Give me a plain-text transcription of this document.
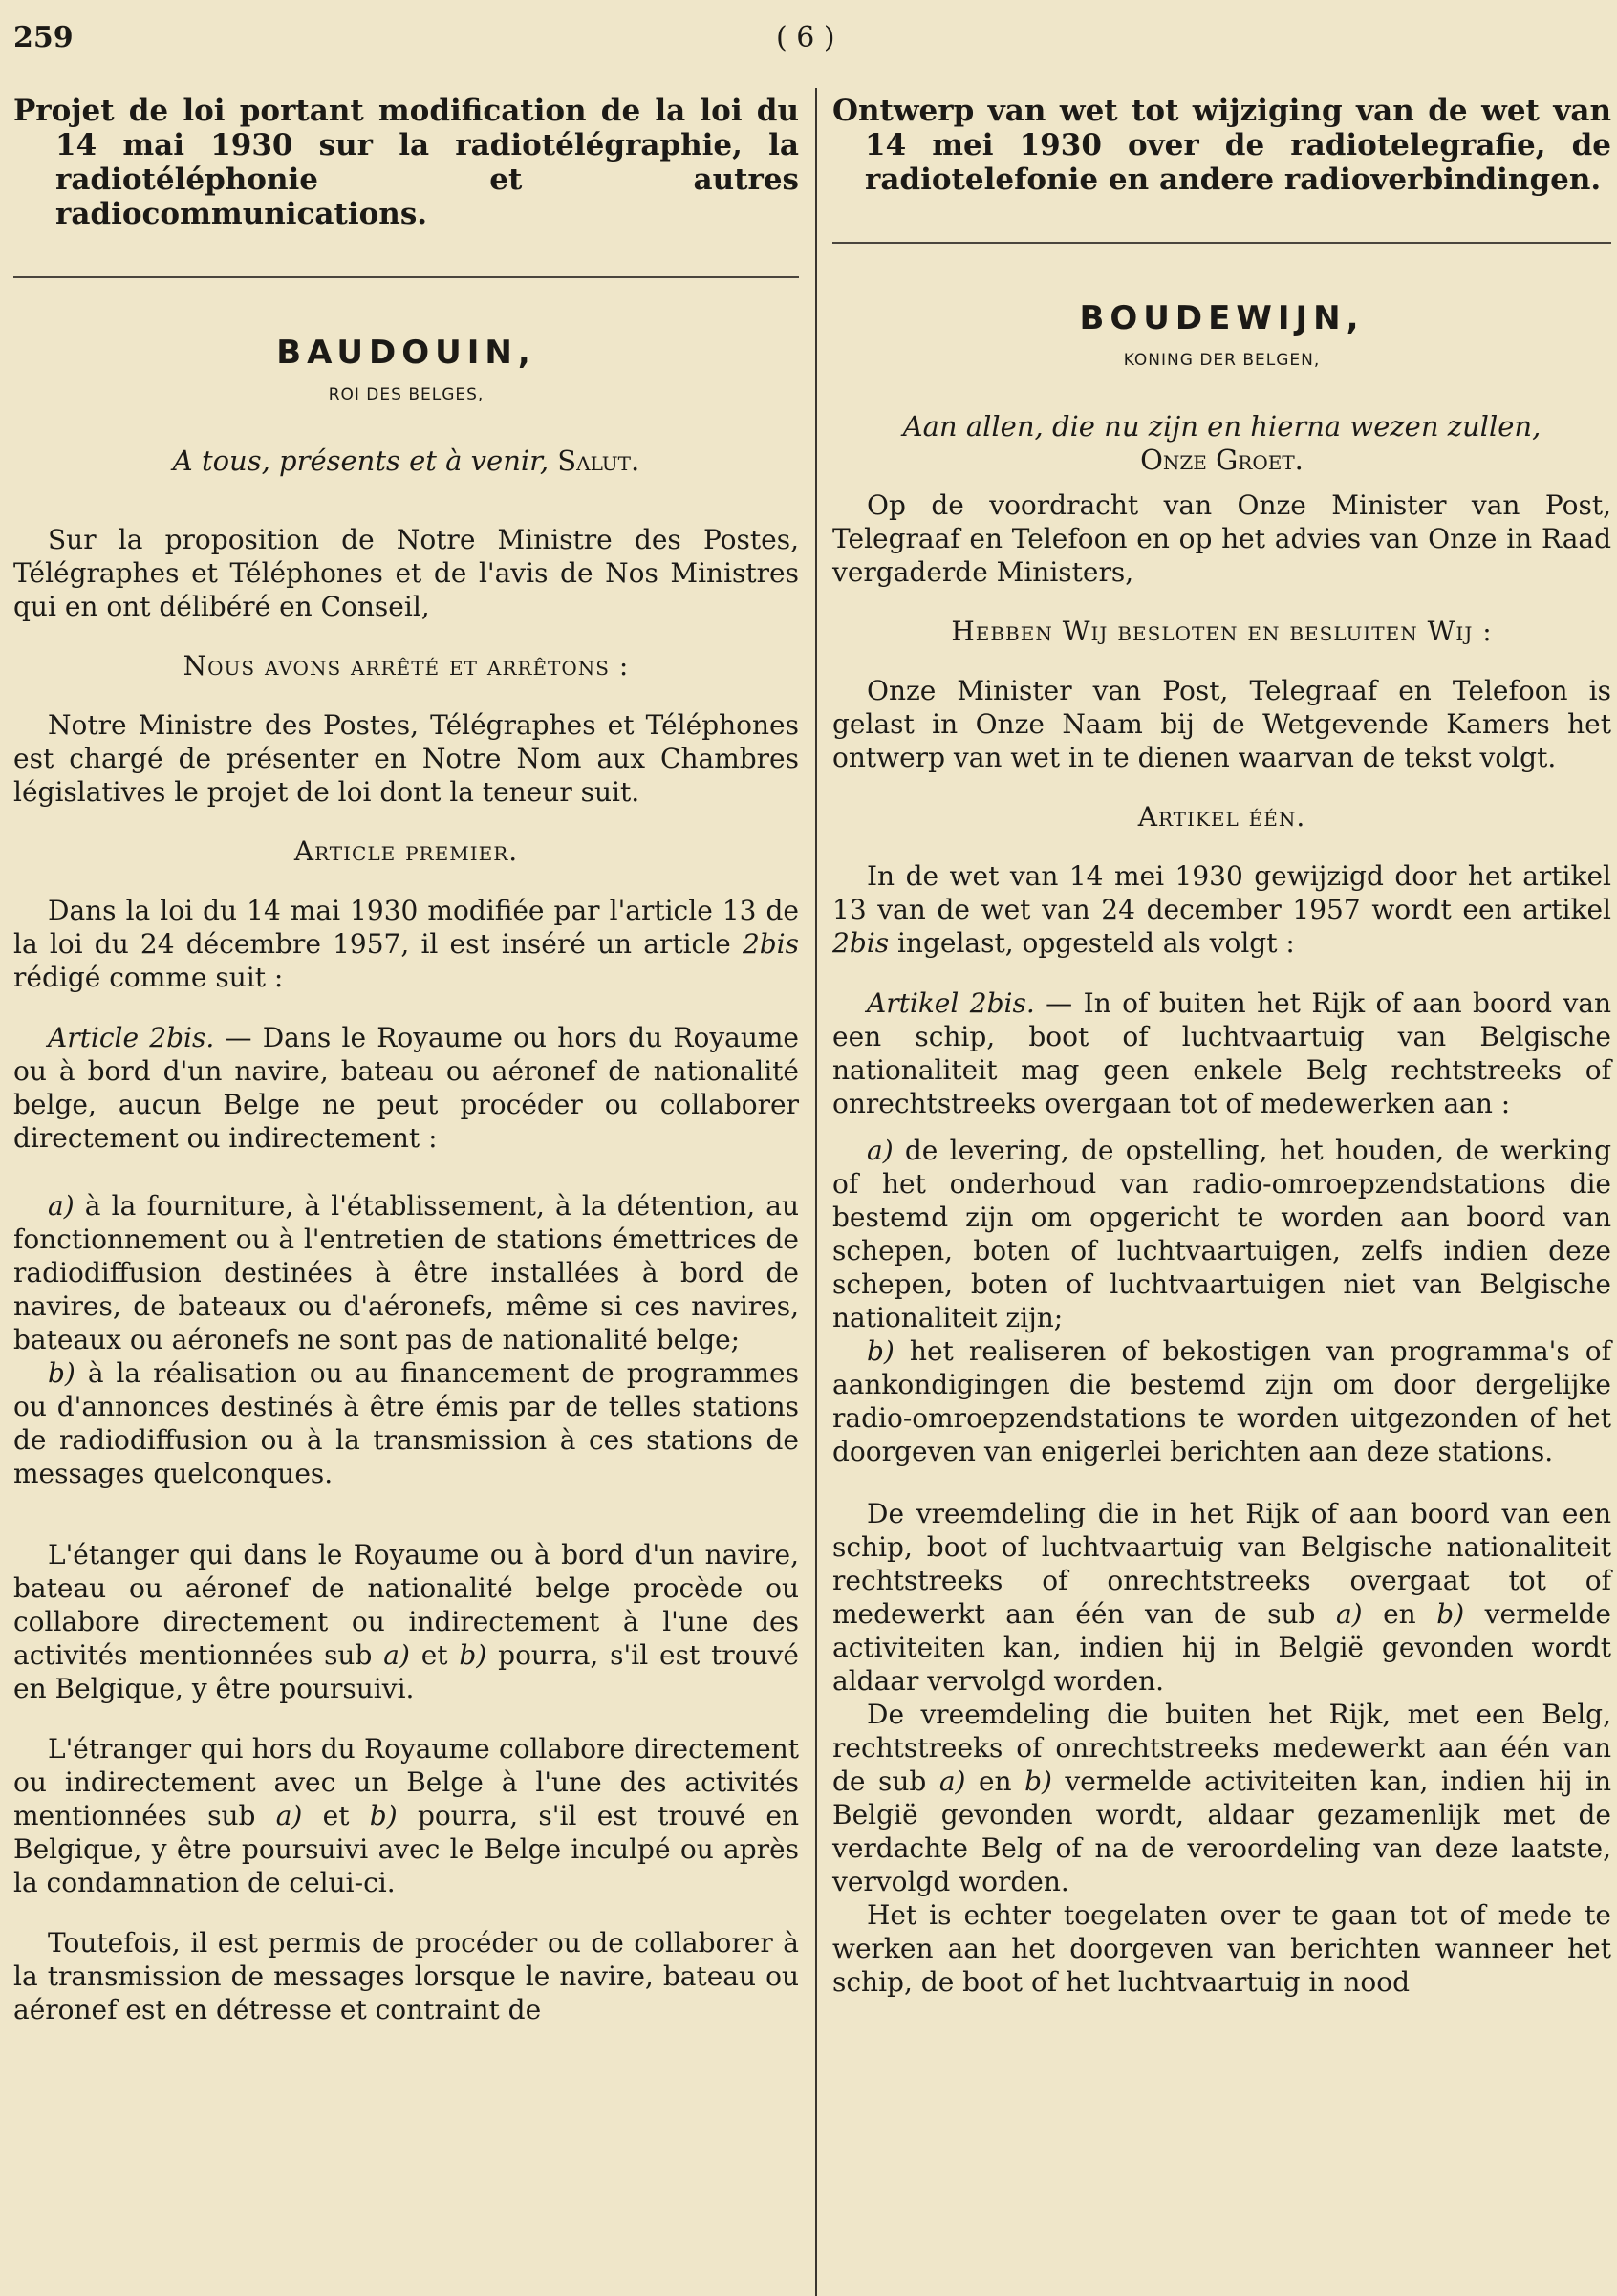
259	( 6 )

Projet de loi portant modification de la loi du 14 mai 1930 sur la radiotélégraphie, la radiotéléphonie et autres radiocommunications.

BAUDOUIN,

ROI DES BELGES,

A tous, présents et à venir, Salut.

Sur la proposition de Notre Ministre des Postes, Télégraphes et Téléphones et de l'avis de Nos Ministres qui en ont délibéré en Conseil,

Nous avons arrêté et arrêtons :

Notre Ministre des Postes, Télégraphes et Téléphones est chargé de présenter en Notre Nom aux Chambres législatives le projet de loi dont la teneur suit.

Article premier.

Dans la loi du 14 mai 1930 modifiée par l'article 13 de la loi du 24 décembre 1957, il est inséré un article 2bis rédigé comme suit :

Article 2bis. — Dans le Royaume ou hors du Royaume ou à bord d'un navire, bateau ou aéronef de nationalité belge, aucun Belge ne peut procéder ou collaborer directement ou indirectement :

a) à la fourniture, à l'établissement, à la détention, au fonctionnement ou à l'entretien de stations émettrices de radiodiffusion destinées à être installées à bord de navires, de bateaux ou d'aéronefs, même si ces navires, bateaux ou aéronefs ne sont pas de nationalité belge;

b) à la réalisation ou au financement de programmes ou d'annonces destinés à être émis par de telles stations de radiodiffusion ou à la transmission à ces stations de messages quelconques.

L'étanger qui dans le Royaume ou à bord d'un navire, bateau ou aéronef de nationalité belge procède ou collabore directement ou indirectement à l'une des activités mentionnées sub a) et b) pourra, s'il est trouvé en Belgique, y être poursuivi.

L'étranger qui hors du Royaume collabore directement ou indirectement avec un Belge à l'une des activités mentionnées sub a) et b) pourra, s'il est trouvé en Belgique, y être poursuivi avec le Belge inculpé ou après la condamnation de celui-ci.

Toutefois, il est permis de procéder ou de collaborer à la transmission de messages lorsque le navire, bateau ou aéronef est en détresse et contraint de

Ontwerp van wet tot wijziging van de wet van 14 mei 1930 over de radiotelegrafie, de radiotelefonie en andere radioverbindingen.

BOUDEWIJN,

KONING DER BELGEN,

Aan allen, die nu zijn en hierna wezen zullen,
Onze Groet.

Op de voordracht van Onze Minister van Post, Telegraaf en Telefoon en op het advies van Onze in Raad vergaderde Ministers,

Hebben Wij besloten en besluiten Wij :

Onze Minister van Post, Telegraaf en Telefoon is gelast in Onze Naam bij de Wetgevende Kamers het ontwerp van wet in te dienen waarvan de tekst volgt.

Artikel één.

In de wet van 14 mei 1930 gewijzigd door het artikel 13 van de wet van 24 december 1957 wordt een artikel 2bis ingelast, opgesteld als volgt :

Artikel 2bis. — In of buiten het Rijk of aan boord van een schip, boot of luchtvaartuig van Belgische nationaliteit mag geen enkele Belg rechtstreeks of onrechtstreeks overgaan tot of medewerken aan :

a) de levering, de opstelling, het houden, de werking of het onderhoud van radio-omroepzendstations die bestemd zijn om opgericht te worden aan boord van schepen, boten of luchtvaartuigen, zelfs indien deze schepen, boten of luchtvaartuigen niet van Belgische nationaliteit zijn;

b) het realiseren of bekostigen van programma's of aankondigingen die bestemd zijn om door dergelijke radio-omroepzendstations te worden uitgezonden of het doorgeven van enigerlei berichten aan deze stations.

De vreemdeling die in het Rijk of aan boord van een schip, boot of luchtvaartuig van Belgische nationaliteit rechtstreeks of onrechtstreeks overgaat tot of medewerkt aan één van de sub a) en b) vermelde activiteiten kan, indien hij in België gevonden wordt aldaar vervolgd worden.

De vreemdeling die buiten het Rijk, met een Belg, rechtstreeks of onrechtstreeks medewerkt aan één van de sub a) en b) vermelde activiteiten kan, indien hij in België gevonden wordt, aldaar gezamenlijk met de verdachte Belg of na de veroordeling van deze laatste, vervolgd worden.

Het is echter toegelaten over te gaan tot of mede te werken aan het doorgeven van berichten wanneer het schip, de boot of het luchtvaartuig in nood
